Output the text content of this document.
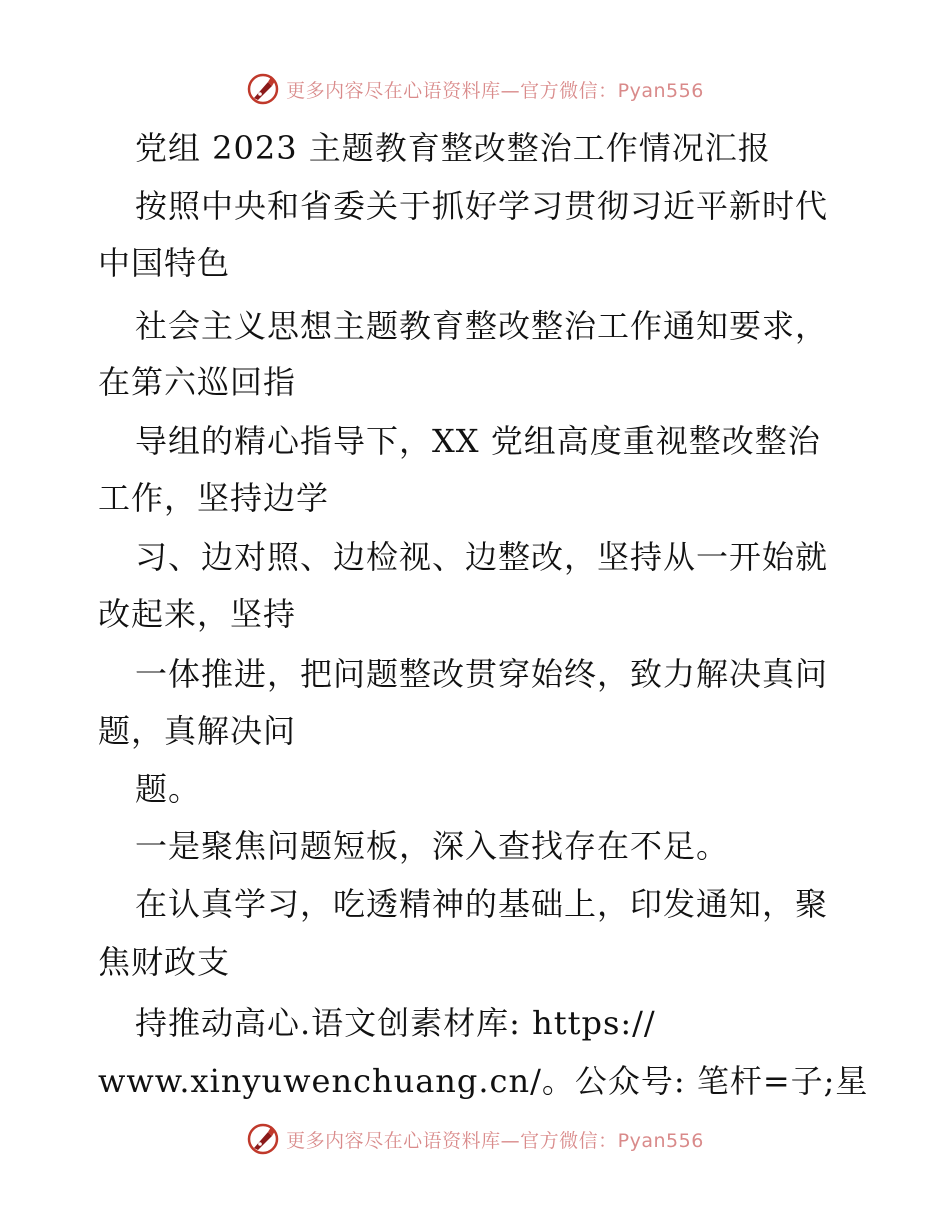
更多内容尽在心语资料库—官方微信：Pyan556
党组 2023 主题教育整改整治工作情况汇报
按照中央和省委关于抓好学习贯彻习近平新时代
中国特色
社会主义思想主题教育整改整治工作通知要求，
在第六巡回指
导组的精心指导下，XX 党组高度重视整改整治
工作，坚持边学
习、边对照、边检视、边整改，坚持从一开始就
改起来，坚持
一体推进，把问题整改贯穿始终，致力解决真问
题，真解决问
题。
一是聚焦问题短板，深入查找存在不足。
在认真学习，吃透精神的基础上，印发通知，聚
焦财政支
持推动高心.语文创素材库: https://
www.xinyuwenchuang.cn/。公众号: 笔杆=子;星
更多内容尽在心语资料库—官方微信：Pyan556
